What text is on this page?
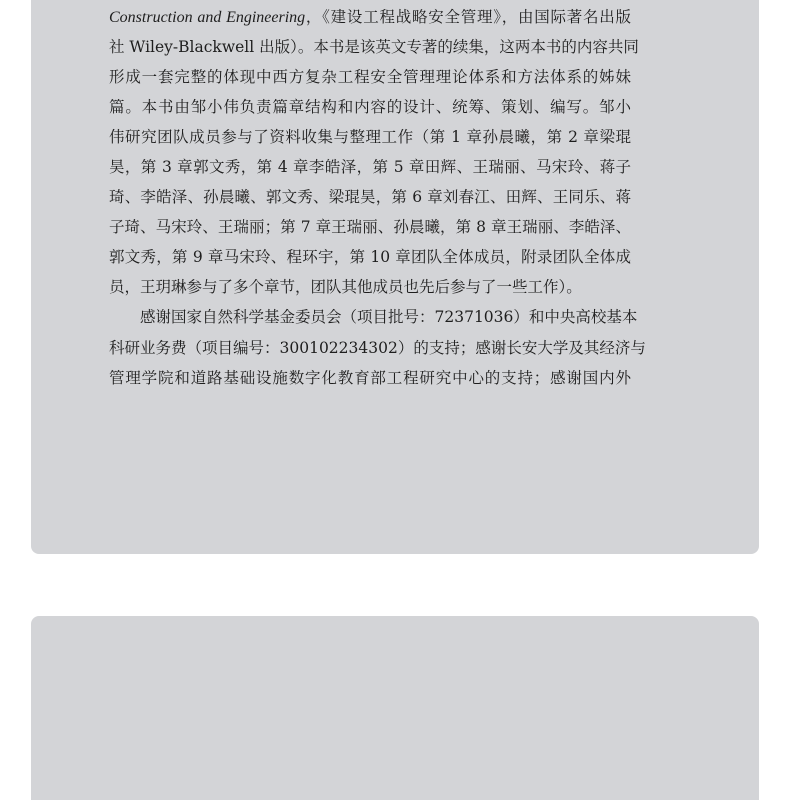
Construction and Engineering，《建设工程战略安全管理》，由国际著名出版
社 Wiley-Blackwell 出版）。本书是该英文专著的续集，这两本书的内容共同
形成一套完整的体现中西方复杂工程安全管理理论体系和方法体系的姊妹
篇。本书由邹小伟负责篇章结构和内容的设计、统筹、策划、编写。邹小
伟研究团队成员参与了资料收集与整理工作（第 1 章孙晨曦，第 2 章梁琨
昊，第 3 章郭文秀，第 4 章李皓泽，第 5 章田辉、王瑞丽、马宋玲、蒋子
琦、李皓泽、孙晨曦、郭文秀、梁琨昊，第 6 章刘春江、田辉、王同乐、蒋
子琦、马宋玲、王瑞丽；第 7 章王瑞丽、孙晨曦，第 8 章王瑞丽、李皓泽、
郭文秀，第 9 章马宋玲、程环宇，第 10 章团队全体成员，附录团队全体成
员，王玥琳参与了多个章节，团队其他成员也先后参与了一些工作）。
感谢国家自然科学基金委员会（项目批号：72371036）和中央高校基本
科研业务费（项目编号：300102234302）的支持；感谢长安大学及其经济与
管理学院和道路基础设施数字化教育部工程研究中心的支持；感谢国内外
